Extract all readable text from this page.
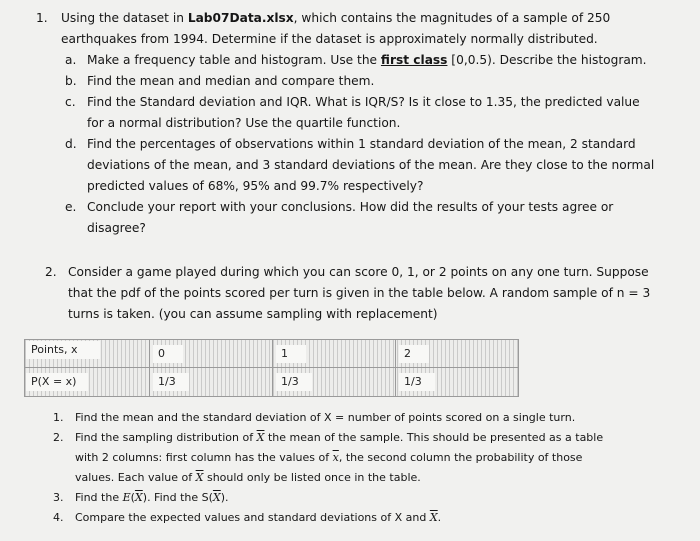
1. Using the dataset in Lab07Data.xlsx, which contains the magnitudes of a sample of 250
earthquakes from 1994. Determine if the dataset is approximately normally distributed.
a. Make a frequency table and histogram. Use the first class [0,0.5). Describe the histogram.
b. Find the mean and median and compare them.
c. Find the Standard deviation and IQR. What is IQR/S? Is it close to 1.35, the predicted value
for a normal distribution? Use the quartile function.
d. Find the percentages of observations within 1 standard deviation of the mean, 2 standard
deviations of the mean, and 3 standard deviations of the mean. Are they close to the normal
predicted values of 68%, 95% and 99.7% respectively?
e. Conclude your report with your conclusions. How did the results of your tests agree or
disagree?
2. Consider a game played during which you can score 0, 1, or 2 points on any one turn. Suppose
that the pdf of the points scored per turn is given in the table below. A random sample of n = 3
turns is taken. (you can assume sampling with replacement)
Points, x	0	1	2
P(X = x)	1/3	1/3	1/3
1. Find the mean and the standard deviation of X = number of points scored on a single turn.
2. Find the sampling distribution of $\overline{X}$ the mean of the sample. This should be presented as a table
with 2 columns: first column has the values of $\overline{x}$, the second column the probability of those
values. Each value of $\overline{X}$ should only be listed once in the table.
3. Find the $E(\overline{X})$. Find the $S(\overline{X})$.
4. Compare the expected values and standard deviations of X and $\overline{X}$.
